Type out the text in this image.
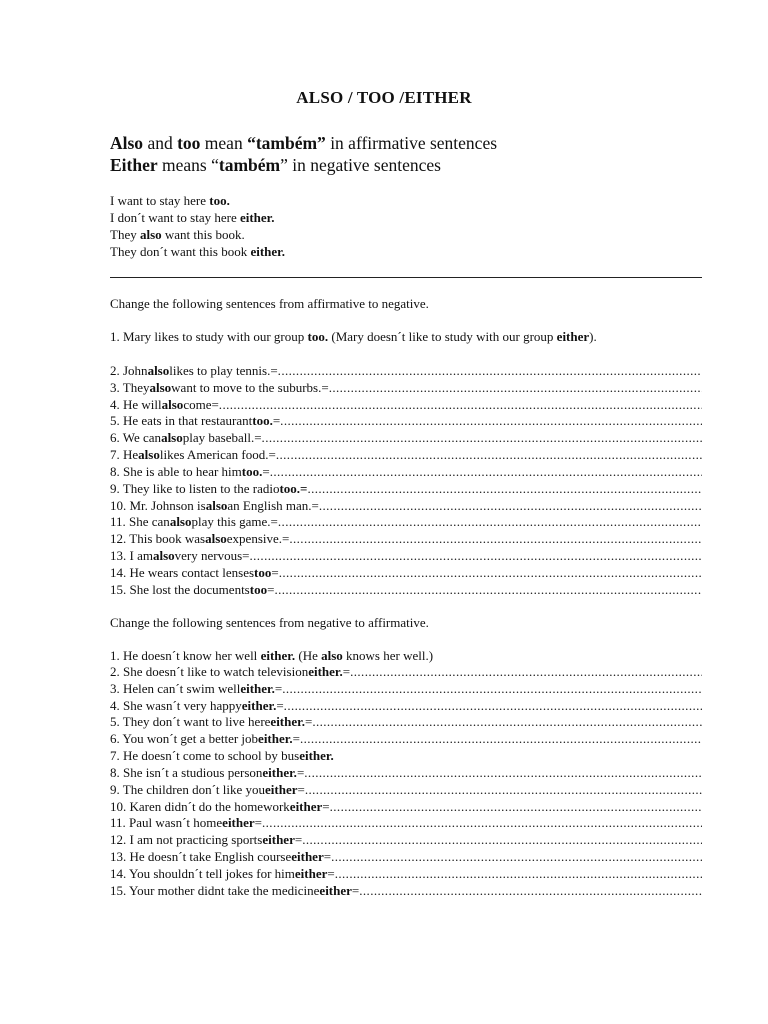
ALSO / TOO /EITHER
Also and too mean “também” in affirmative sentences
Either means “também” in negative sentences
I want to stay here too.
I don´t want to stay here either.
They also want this book.
They don´t want this book either.
Change the following sentences from affirmative to negative.
1. Mary likes to study with our group too. (Mary doesn´t like to study with our group either).
2. John also likes to play tennis.=
.....
3. They also want to move to the suburbs.=
.....
4. He will also come=
.....
5. He eats in that restaurant too. =
.....
6. We can also play baseball.=
.....
7. He also likes American food.=
.....
8. She is able to hear him too. =
.....
9. They like to listen to the radio too.=
.....
10. Mr. Johnson is also an English man.=
.....
11. She can also play this game.=
.....
12. This book was also expensive.=
.....
13. I am also very nervous=
.....
14. He wears contact lenses too =
.....
15. She lost the documents too =
.....
Change the following sentences from negative to affirmative.
1. He doesn´t know her well either. (He also knows her well.)
2. She doesn´t like to watch television either. =
.....
3. Helen can´t swim well either. =
.....
4. She wasn´t very happy either. =
.....
5. They don´t want to live here either. =
.....
6. You won´t get a better job either. =
.....
7. He doesn´t come to school by bus either.
8. She isn´t a studious person either. =
.....
9. The children don´t like you either =
.....
10. Karen didn´t do the homework either =
.....
11. Paul wasn´t home either =
.....
12. I am not practicing sports either =
.....
13. He doesn´t take English course either =
.....
14. You shouldn´t tell jokes for him either =
.....
15. Your mother didnt take the medicine either =
.....
